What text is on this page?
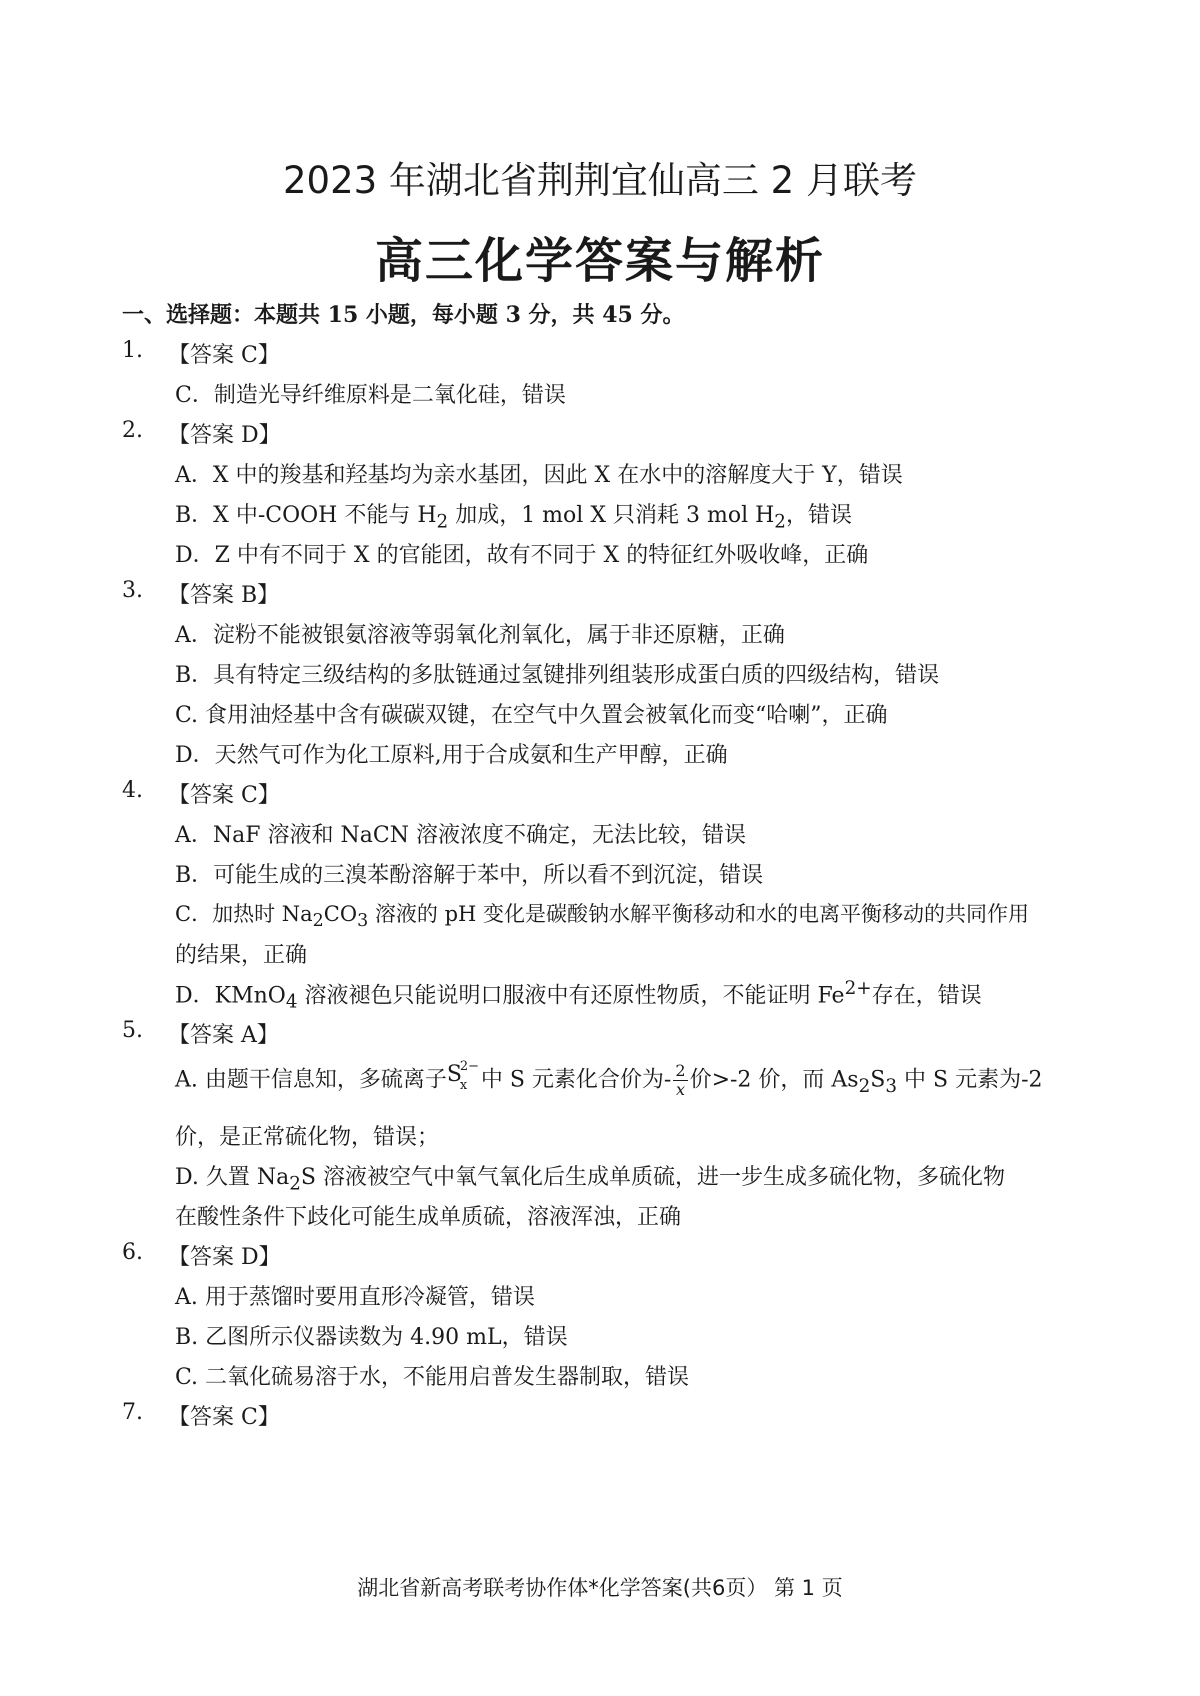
2023 年湖北省荆荆宜仙高三 2 月联考
高三化学答案与解析
一、选择题：本题共 15 小题，每小题 3 分，共 45 分。
1. 【答案 C】
C．制造光导纤维原料是二氧化硅，错误
2. 【答案 D】
A．X 中的羧基和羟基均为亲水基团，因此 X 在水中的溶解度大于 Y，错误
B．X 中-COOH 不能与 $H_2$ 加成，1 mol X 只消耗 3 mol $H_2$，错误
D．Z 中有不同于 X 的官能团，故有不同于 X 的特征红外吸收峰，正确
3. 【答案 B】
A．淀粉不能被银氨溶液等弱氧化剂氧化，属于非还原糖，正确
B．具有特定三级结构的多肽链通过氢键排列组装形成蛋白质的四级结构，错误
C. 食用油烃基中含有碳碳双键，在空气中久置会被氧化而变“哈喇”，正确
D．天然气可作为化工原料,用于合成氨和生产甲醇，正确
4. 【答案 C】
A．NaF 溶液和 NaCN 溶液浓度不确定，无法比较，错误
B．可能生成的三溴苯酚溶解于苯中，所以看不到沉淀，错误
C．加热时 $Na_2CO_3$ 溶液的 pH 变化是碳酸钠水解平衡移动和水的电离平衡移动的共同作用
的结果，正确
D．KMnO$_4$ 溶液褪色只能说明口服液中有还原性物质，不能证明 $Fe^{2+}$存在，错误
5. 【答案 A】
A. 由题干信息知，多硫离子 S
2−
x 中 S 元素化合价为- $\frac{2}{x}$ 价>-2 价，而 $As_2S_3$ 中 S 元素为-2
价，是正常硫化物，错误；
D. 久置 $Na_2S$ 溶液被空气中氧气氧化后生成单质硫，进一步生成多硫化物，多硫化物
在酸性条件下歧化可能生成单质硫，溶液浑浊，正确
6. 【答案 D】
A. 用于蒸馏时要用直形冷凝管，错误
B. 乙图所示仪器读数为 4.90 mL，错误
C. 二氧化硫易溶于水，不能用启普发生器制取，错误
7. 【答案 C】
湖北省新高考联考协作体*化学答案(共6页） 第 1 页
